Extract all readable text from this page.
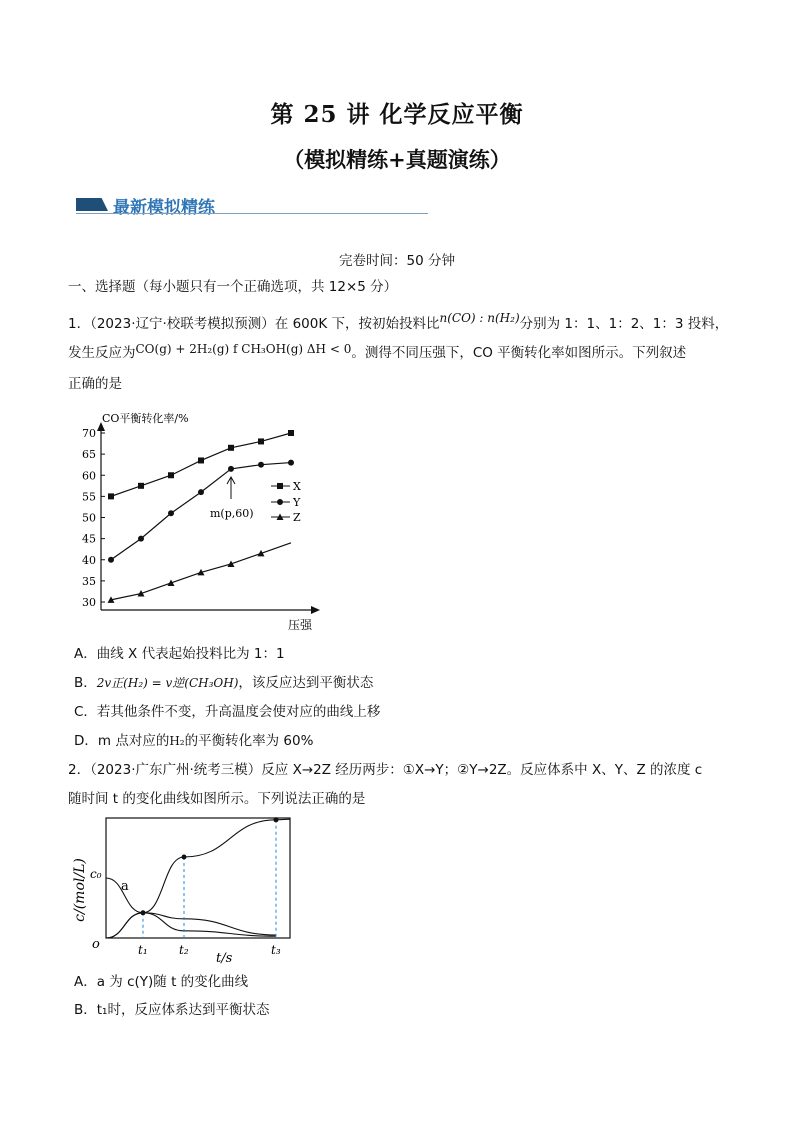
第 25 讲 化学反应平衡
（模拟精练+真题演练）
最新模拟精练
完卷时间：50 分钟
一、选择题（每小题只有一个正确选项，共 12×5 分）
1．（2023·辽宁·校联考模拟预测）在 600K 下，按初始投料比n(CO) : n(H₂)分别为 1：1、1：2、1：3 投料，
发生反应为CO(g) + 2H₂(g) f CH₃OH(g) ΔH < 0。测得不同压强下，CO 平衡转化率如图所示。下列叙述
正确的是
CO平衡转化率/%
30
35
40
45
50
55
60
65
70
X
Y
Z
m(p,60)
压强
A．曲线 X 代表起始投料比为 1：1
B．2v正(H₂) = v逆(CH₃OH)，该反应达到平衡状态
C．若其他条件不变，升高温度会使对应的曲线上移
D．m 点对应的H₂的平衡转化率为 60%
2．（2023·广东广州·统考三模）反应 X→2Z 经历两步：①X→Y；②Y→2Z。反应体系中 X、Y、Z 的浓度 c
随时间 t 的变化曲线如图所示。下列说法正确的是
c/(mol/L) c₀
a
o
t/s
t₁	t₂	t₃
A．a 为 c(Y)随 t 的变化曲线
B．t₁时，反应体系达到平衡状态
